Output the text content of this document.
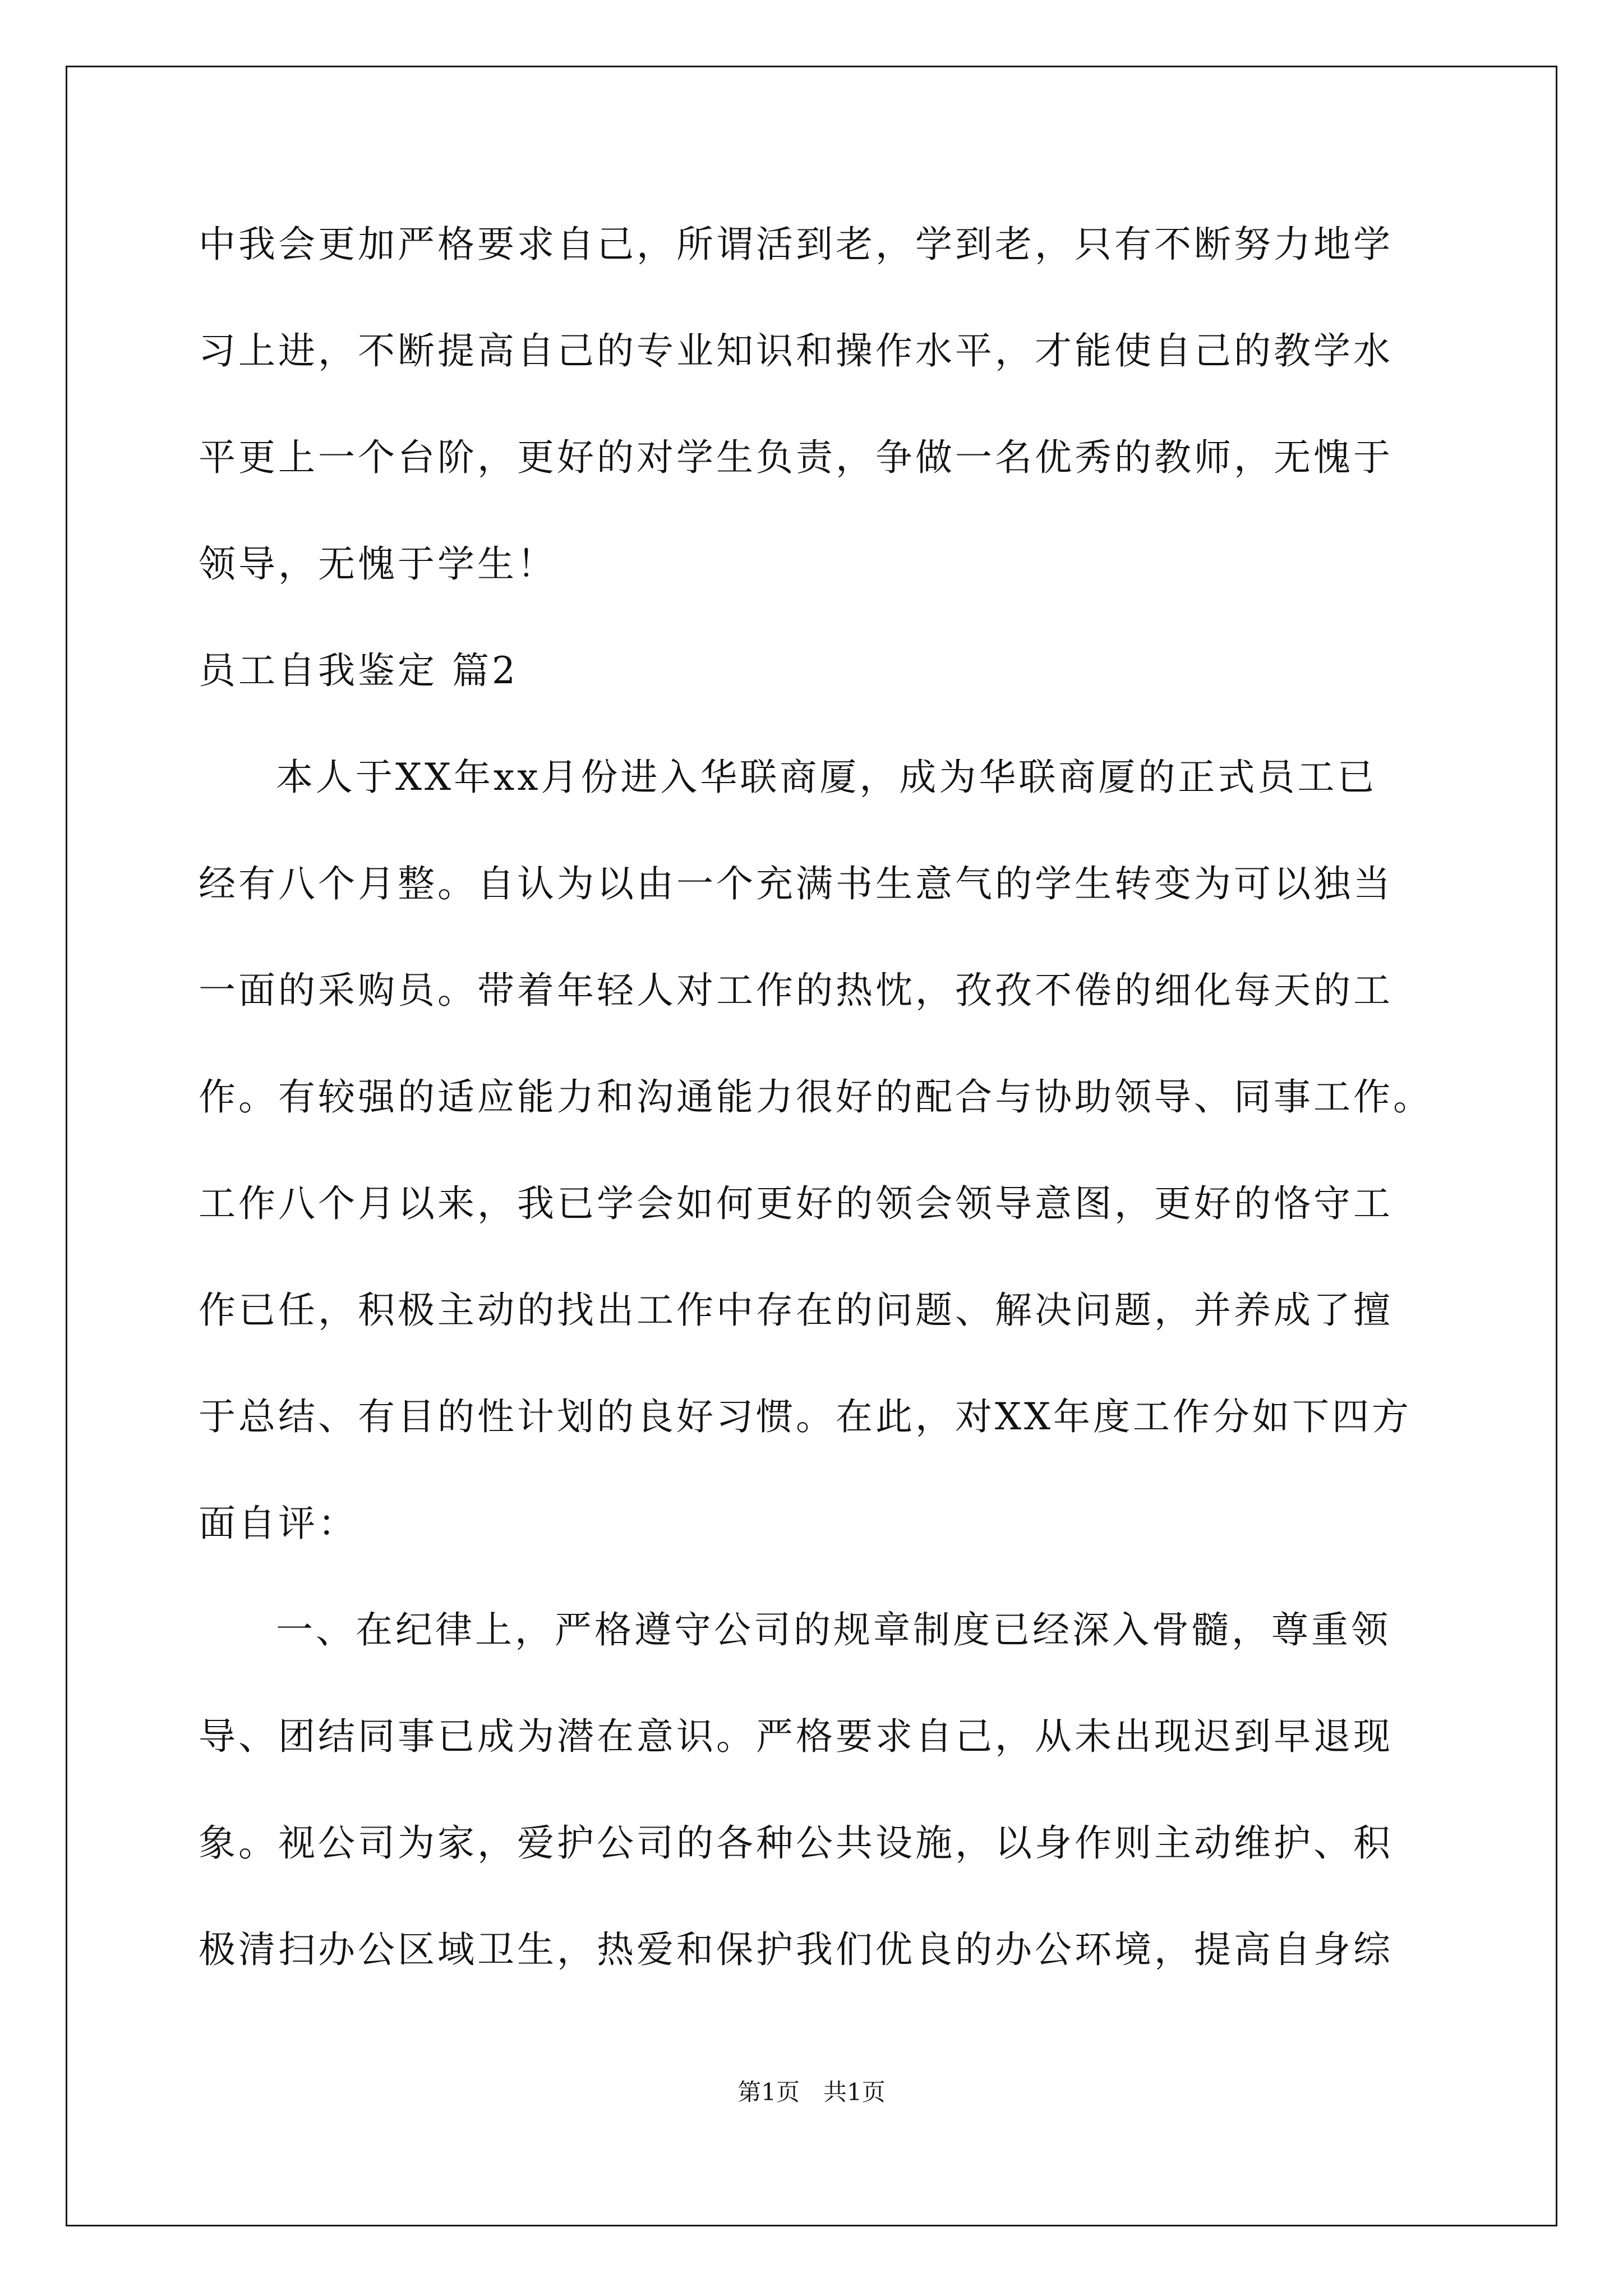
中我会更加严格要求自己，所谓活到老，学到老，只有不断努力地学
习上进，不断提高自己的专业知识和操作水平，才能使自己的教学水
平更上一个台阶，更好的对学生负责，争做一名优秀的教师，无愧于
领导，无愧于学生！
员工自我鉴定 篇2
本人于XX年xx月份进入华联商厦，成为华联商厦的正式员工已
经有八个月整。自认为以由一个充满书生意气的学生转变为可以独当
一面的采购员。带着年轻人对工作的热忱，孜孜不倦的细化每天的工
作。有较强的适应能力和沟通能力很好的配合与协助领导、同事工作。
工作八个月以来，我已学会如何更好的领会领导意图，更好的恪守工
作已任，积极主动的找出工作中存在的问题、解决问题，并养成了擅
于总结、有目的性计划的良好习惯。在此，对XX年度工作分如下四方
面自评：
一、在纪律上，严格遵守公司的规章制度已经深入骨髓，尊重领
导、团结同事已成为潜在意识。严格要求自己，从未出现迟到早退现
象。视公司为家，爱护公司的各种公共设施，以身作则主动维护、积
极清扫办公区域卫生，热爱和保护我们优良的办公环境，提高自身综
第1页　共1页
